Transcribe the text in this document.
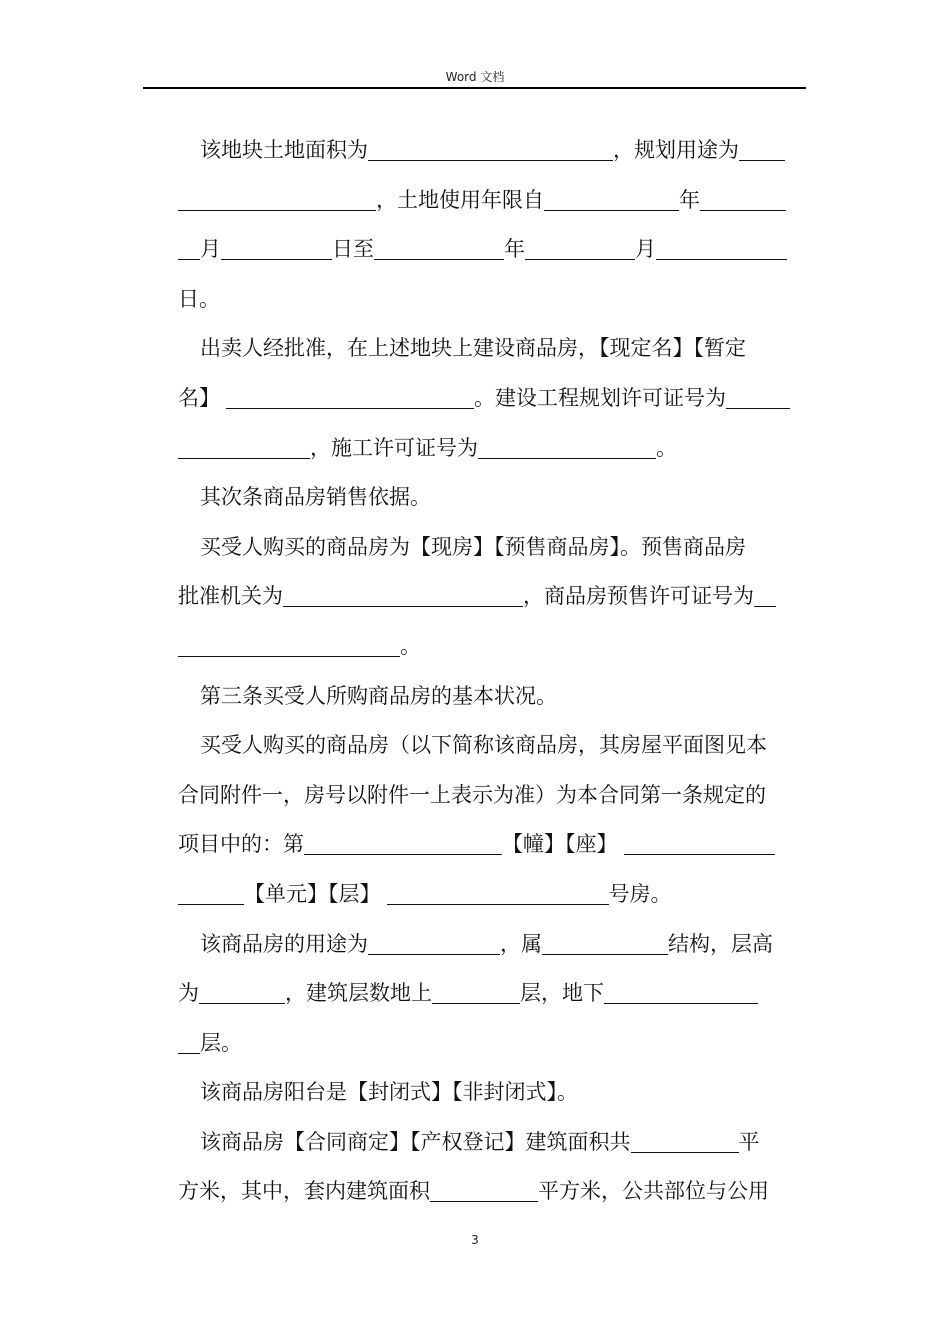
Word 文档
该地块土地面积为	，规划用途为
，土地使用年限自	年
月	日至	年	月
日。
出卖人经批准，在上述地块上建设商品房，【现定名】【暂定
名】	。建设工程规划许可证号为
，施工许可证号为	。
其次条商品房销售依据。
买受人购买的商品房为【现房】【预售商品房】。预售商品房
批准机关为	，商品房预售许可证号为
。
第三条买受人所购商品房的基本状况。
买受人购买的商品房（以下简称该商品房，其房屋平面图见本
合同附件一，房号以附件一上表示为准）为本合同第一条规定的
项目中的：第	【幢】【座】
【单元】【层】	号房。
该商品房的用途为	，属	结构，层高
为	，建筑层数地上	层，地下
层。
该商品房阳台是【封闭式】【非封闭式】。
该商品房【合同商定】【产权登记】建筑面积共	平
方米，其中，套内建筑面积	平方米，公共部位与公用
3
